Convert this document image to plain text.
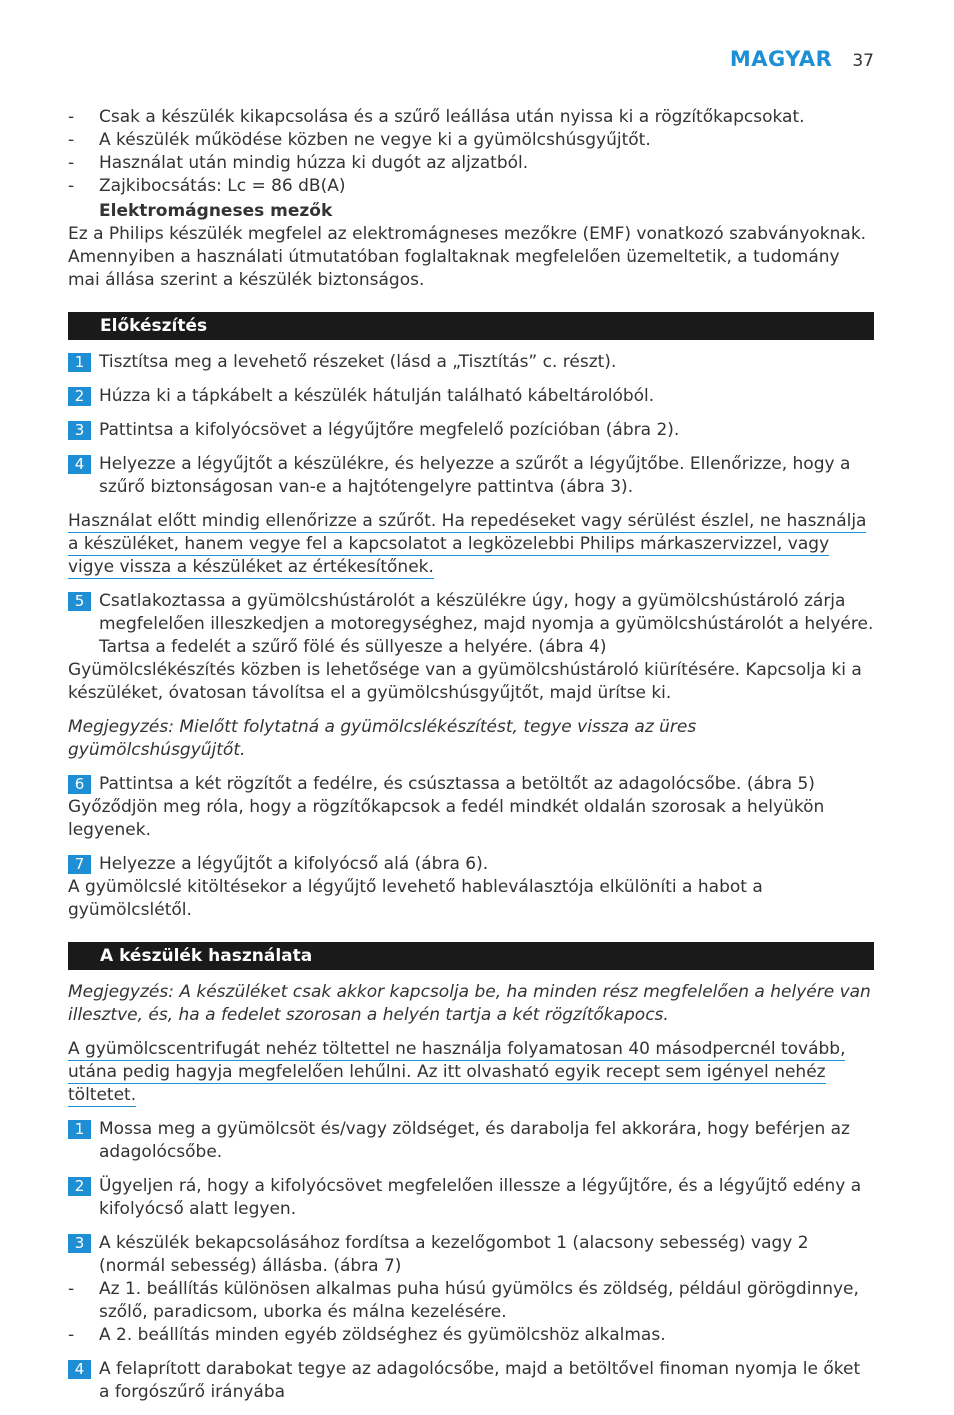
MAGYAR 37
- Csak a készülék kikapcsolása és a szűrő leállása után nyissa ki a rögzítőkapcsokat.
- A készülék működése közben ne vegye ki a gyümölcshúsgyűjtőt.
- Használat után mindig húzza ki dugót az aljzatból.
- Zajkibocsátás: Lc = 86 dB(A)
Elektromágneses mezők
Ez a Philips készülék megfelel az elektromágneses mezőkre (EMF) vonatkozó szabványoknak. Amennyiben a használati útmutatóban foglaltaknak megfelelően üzemeltetik, a tudomány mai állása szerint a készülék biztonságos.
Előkészítés
1 Tisztítsa meg a levehető részeket (lásd a „Tisztítás” c. részt).
2 Húzza ki a tápkábelt a készülék hátulján található kábeltárolóból.
3 Pattintsa a kifolyócsövet a légyűjtőre megfelelő pozícióban (ábra 2).
4 Helyezze a légyűjtőt a készülékre, és helyezze a szűrőt a légyűjtőbe. Ellenőrizze, hogy a szűrő biztonságosan van-e a hajtótengelyre pattintva (ábra 3).
Használat előtt mindig ellenőrizze a szűrőt. Ha repedéseket vagy sérülést észlel, ne használja a készüléket, hanem vegye fel a kapcsolatot a legközelebbi Philips márkaszervizzel, vagy vigye vissza a készüléket az értékesítőnek.
5 Csatlakoztassa a gyümölcshústárolót a készülékre úgy, hogy a gyümölcshústároló zárja megfelelően illeszkedjen a motoregységhez, majd nyomja a gyümölcshústárolót a helyére. Tartsa a fedelét a szűrő fölé és süllyesze a helyére. (ábra 4)
Gyümölcslékészítés közben is lehetősége van a gyümölcshústároló kiürítésére. Kapcsolja ki a készüléket, óvatosan távolítsa el a gyümölcshúsgyűjtőt, majd ürítse ki.
Megjegyzés: Mielőtt folytatná a gyümölcslékészítést, tegye vissza az üres gyümölcshúsgyűjtőt.
6 Pattintsa a két rögzítőt a fedélre, és csúsztassa a betöltőt az adagolócsőbe. (ábra 5)
Győződjön meg róla, hogy a rögzítőkapcsok a fedél mindkét oldalán szorosak a helyükön legyenek.
7 Helyezze a légyűjtőt a kifolyócső alá (ábra 6).
A gyümölcslé kitöltésekor a légyűjtő levehető hableválasztója elkülöníti a habot a gyümölcslétől.
A készülék használata
Megjegyzés: A készüléket csak akkor kapcsolja be, ha minden rész megfelelően a helyére van illesztve, és, ha a fedelet szorosan a helyén tartja a két rögzítőkapocs.
A gyümölcscentrifugát nehéz töltettel ne használja folyamatosan 40 másodpercnél tovább, utána pedig hagyja megfelelően lehűlni. Az itt olvasható egyik recept sem igényel nehéz töltetet.
1 Mossa meg a gyümölcsöt és/vagy zöldséget, és darabolja fel akkorára, hogy beférjen az adagolócsőbe.
2 Ügyeljen rá, hogy a kifolyócsövet megfelelően illessze a légyűjtőre, és a légyűjtő edény a kifolyócső alatt legyen.
3 A készülék bekapcsolásához fordítsa a kezelőgombot 1 (alacsony sebesség) vagy 2 (normál sebesség) állásba. (ábra 7)
- Az 1. beállítás különösen alkalmas puha húsú gyümölcs és zöldség, például görögdinnye, szőlő, paradicsom, uborka és málna kezelésére.
- A 2. beállítás minden egyéb zöldséghez és gyümölcshöz alkalmas.
4 A felaprított darabokat tegye az adagolócsőbe, majd a betöltővel finoman nyomja le őket a forgószűrő irányába
